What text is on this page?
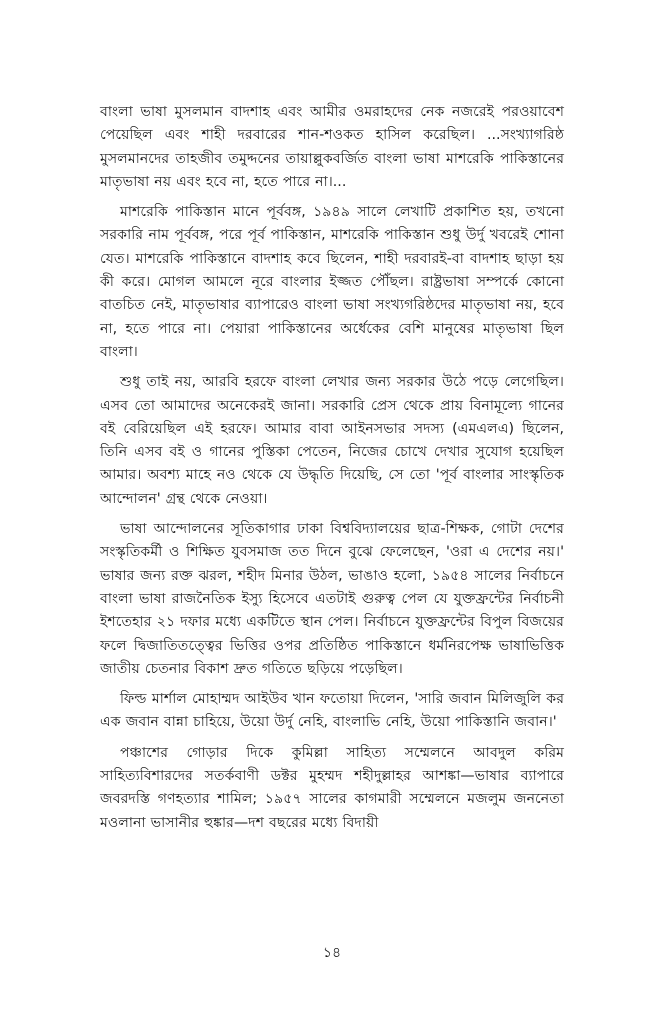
বাংলা ভাষা মুসলমান বাদশাহ এবং আমীর ওমরাহদের নেক নজরেই পরওয়াবেশ পেয়েছিল এবং শাহী দরবারের শান-শওকত হাসিল করেছিল। ...সংখ্যাগরিষ্ঠ মুসলমানদের তাহজীব তমুদ্দনের তায়াল্লুকবর্জিত বাংলা ভাষা মাশরেকি পাকিস্তানের মাতৃভাষা নয় এবং হবে না, হতে পারে না।...

মাশরেকি পাকিস্তান মানে পূর্ববঙ্গ, ১৯৪৯ সালে লেখাটি প্রকাশিত হয়, তখনো সরকারি নাম পূর্ববঙ্গ, পরে পূর্ব পাকিস্তান, মাশরেকি পাকিস্তান শুধু উর্দু খবরেই শোনা যেত। মাশরেকি পাকিস্তানে বাদশাহ কবে ছিলেন, শাহী দরবারই-বা বাদশাহ ছাড়া হয় কী করে। মোগল আমলে নূরে বাংলার ইজ্জত পৌঁছল। রাষ্ট্রভাষা সম্পর্কে কোনো বাতচিত নেই, মাতৃভাষার ব্যাপারেও বাংলা ভাষা সংখ্যগরিষ্ঠদের মাতৃভাষা নয়, হবে না, হতে পারে না। পেয়ারা পাকিস্তানের অর্ধেকের বেশি মানুষের মাতৃভাষা ছিল বাংলা।

শুধু তাই নয়, আরবি হরফে বাংলা লেখার জন্য সরকার উঠে পড়ে লেগেছিল। এসব তো আমাদের অনেকেরই জানা। সরকারি প্রেস থেকে প্রায় বিনামূল্যে গানের বই বেরিয়েছিল এই হরফে। আমার বাবা আইনসভার সদস্য (এমএলএ) ছিলেন, তিনি এসব বই ও গানের পুস্তিকা পেতেন, নিজের চোখে দেখার সুযোগ হয়েছিল আমার। অবশ্য মাহে নও থেকে যে উদ্ধৃতি দিয়েছি, সে তো 'পূর্ব বাংলার সাংস্কৃতিক আন্দোলন' গ্রন্থ থেকে নেওয়া।

ভাষা আন্দোলনের সূতিকাগার ঢাকা বিশ্ববিদ্যালয়ের ছাত্র-শিক্ষক, গোটা দেশের সংস্কৃতিকর্মী ও শিক্ষিত যুবসমাজ তত দিনে বুঝে ফেলেছেন, 'ওরা এ দেশের নয়।' ভাষার জন্য রক্ত ঝরল, শহীদ মিনার উঠল, ভাঙাও হলো, ১৯৫৪ সালের নির্বাচনে বাংলা ভাষা রাজনৈতিক ইস্যু হিসেবে এতটাই গুরুত্ব পেল যে যুক্তফ্রন্টের নির্বাচনী ইশতেহার ২১ দফার মধ্যে একটিতে স্থান পেল। নির্বাচনে যুক্তফ্রন্টের বিপুল বিজয়ের ফলে দ্বিজাতিতত্ত্বের ভিত্তির ওপর প্রতিষ্ঠিত পাকিস্তানে ধর্মনিরপেক্ষ ভাষাভিত্তিক জাতীয় চেতনার বিকাশ দ্রুত গতিতে ছড়িয়ে পড়েছিল।

ফিল্ড মার্শাল মোহাম্মদ আইউব খান ফতোয়া দিলেন, 'সারি জবান মিলিজুলি কর এক জবান বান্না চাহিয়ে, উয়ো উর্দু নেহি, বাংলাভি নেহি, উয়ো পাকিস্তানি জবান।'

পঞ্চাশের গোড়ার দিকে কুমিল্লা সাহিত্য সম্মেলনে আবদুল করিম সাহিত্যবিশারদের সতর্কবাণী ডক্টর মুহম্মদ শহীদুল্লাহর আশঙ্কা—ভাষার ব্যাপারে জবরদস্তি গণহত্যার শামিল; ১৯৫৭ সালের কাগমারী সম্মেলনে মজলুম জননেতা মওলানা ভাসানীর হুঙ্কার—দশ বছরের মধ্যে বিদায়ী

১৪
